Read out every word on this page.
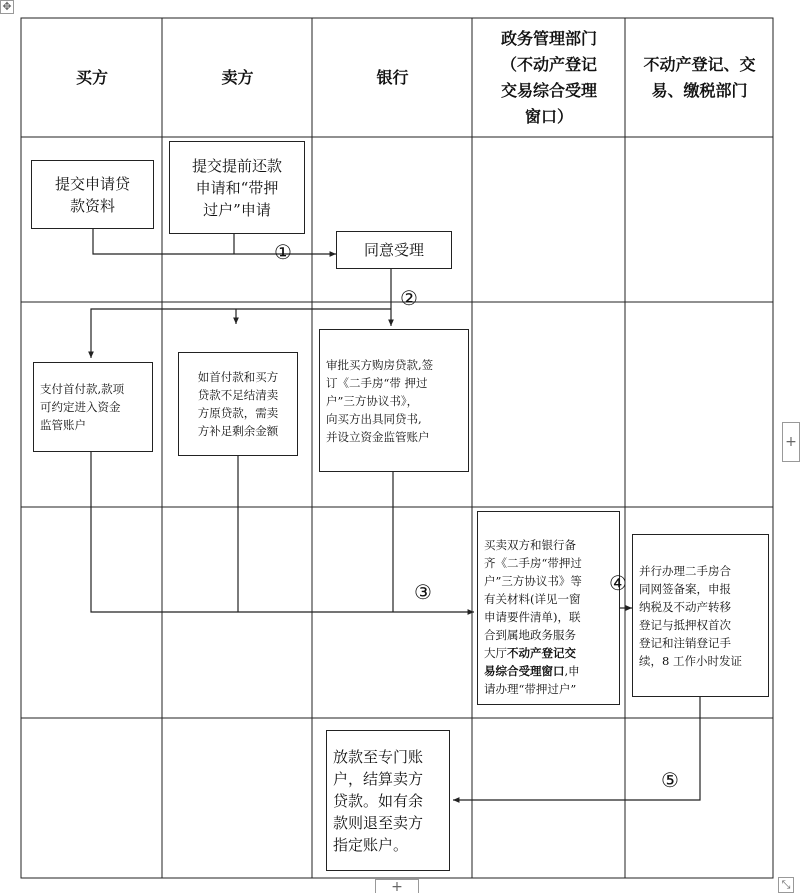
买方	卖方	银行
政务管理部门
（不动产登记
交易综合受理
窗口）
不动产登记、交
易、缴税部门
提交申请贷
款资料
提交提前还款
申请和“带押
过户”申请
同意受理
支付首付款,款项
可约定进入资金
监管账户
如首付款和买方
贷款不足结清卖
方原贷款，需卖
方补足剩余金额
审批买方购房贷款,签
订《二手房“带 押过
户”三方协议书》，
向买方出具同贷书,
并设立资金监管账户

买卖双方和银行备
齐《二手房“带押过
户”三方协议书》等
有关材料(详见一窗
申请要件清单)，联
合到属地政务服务
大厅不动产登记交
易综合受理窗口,申
请办理“带押过户”

并行办理二手房合
同网签备案，申报
纳税及不动产转移
登记与抵押权首次
登记和注销登记手
续，8 工作小时发证
放款至专门账
户，结算卖方
贷款。如有余
款则退至卖方
指定账户。
①
②
③	④
⑤
✥
+
+	⤡
